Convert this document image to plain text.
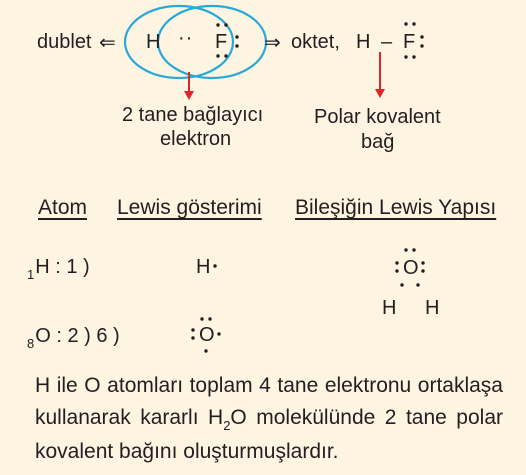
dublet ⇐ H ·· F ⇒ oktet, H – F
2 tane bağlayıcı
elektron
Polar kovalent
bağ
Atom Lewis gösterimi Bileşiğin Lewis Yapısı
$_1$H : 1 )	H
$_8$O : 2 ) 6 )	O
O
H H
H ile O atomları toplam 4 tane elektronu ortaklaşa kullanarak kararlı $H_2O$ molekülünde 2 tane polar kovalent bağını oluşturmuşlardır.
